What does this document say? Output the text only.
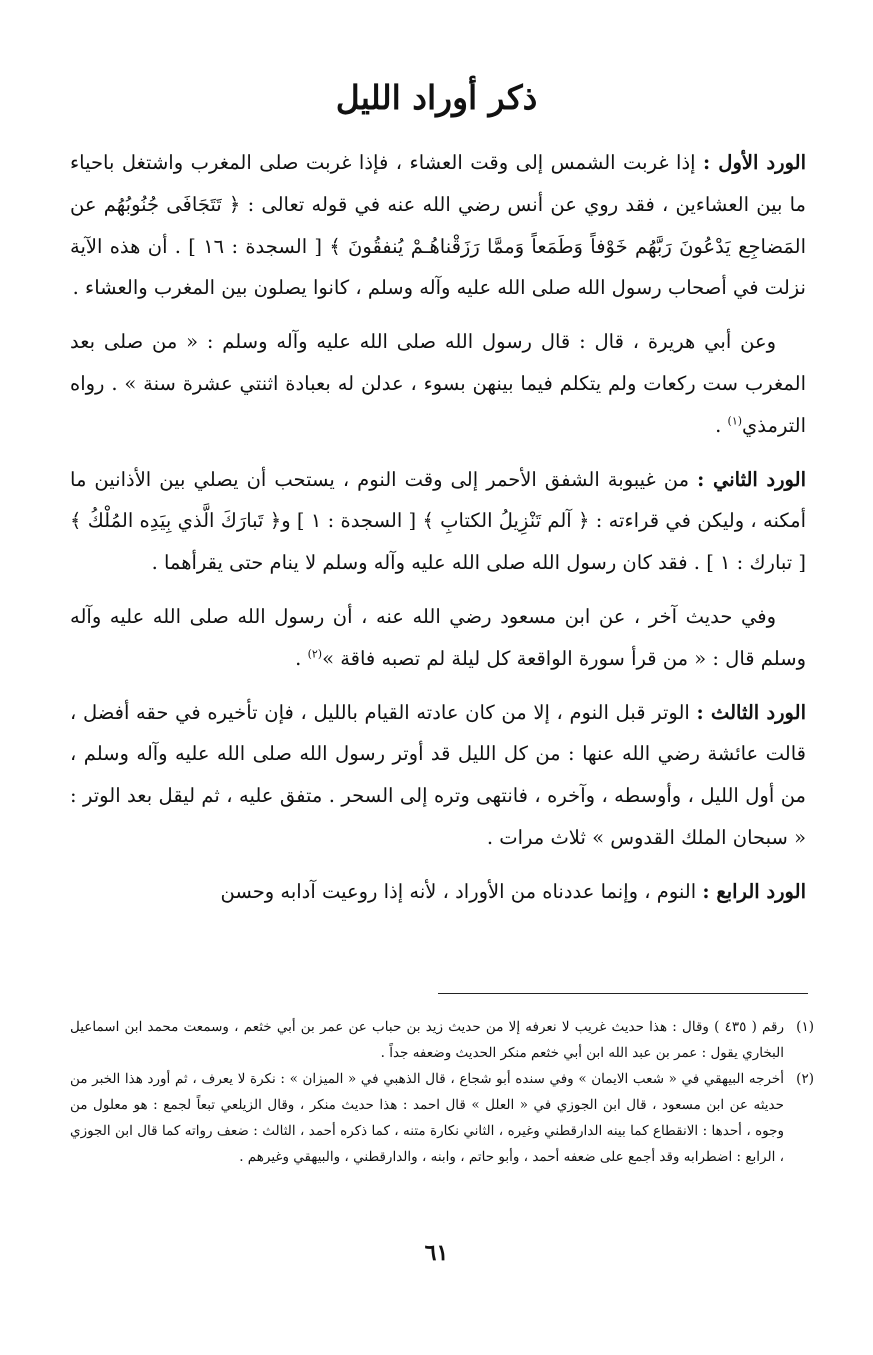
ذكر أوراد الليل

الورد الأول : إذا غربت الشمس إلى وقت العشاء ، فإذا غربت صلى المغرب واشتغل باحياء ما بين العشاءين ، فقد روي عن أنس رضي الله عنه في قوله تعالى : ﴿ تَتَجَافَى جُنُوبُهُم عن المَضاجِع يَدْعُونَ رَبَّهُم خَوْفاً وَطَمَعاً وَممَّا رَزَقْناهُـمْ يُنفقُونَ ﴾ [ السجدة : ١٦ ] . أن هذه الآية نزلت في أصحاب رسول الله صلى الله عليه وآله وسلم ، كانوا يصلون بين المغرب والعشاء .

وعن أبي هريرة ، قال : قال رسول الله صلى الله عليه وآله وسلم : « من صلى بعد المغرب ست ركعات ولم يتكلم فيما بينهن بسوء ، عدلن له بعبادة اثنتي عشرة سنة » . رواه الترمذي$^{(١)}$ .

الورد الثاني : من غيبوبة الشفق الأحمر إلى وقت النوم ، يستحب أن يصلي بين الأذانين ما أمكنه ، وليكن في قراءته : ﴿ آلم تَنْزِيلُ الكتابِ ﴾ [ السجدة : ١ ] و﴿ تَبارَكَ الَّذي بِيَدِه المُلْكُ ﴾ [ تبارك : ١ ] . فقد كان رسول الله صلى الله عليه وآله وسلم لا ينام حتى يقرأهما .

وفي حديث آخر ، عن ابن مسعود رضي الله عنه ، أن رسول الله صلى الله عليه وآله وسلم قال : « من قرأ سورة الواقعة كل ليلة لم تصبه فاقة »$^{(٢)}$ .

الورد الثالث : الوتر قبل النوم ، إلا من كان عادته القيام بالليل ، فإن تأخيره في حقه أفضل ، قالت عائشة رضي الله عنها : من كل الليل قد أوتر رسول الله صلى الله عليه وآله وسلم ، من أول الليل ، وأوسطه ، وآخره ، فانتهى وتره إلى السحر . متفق عليه ، ثم ليقل بعد الوتر : « سبحان الملك القدوس » ثلاث مرات .

الورد الرابع : النوم ، وإنما عددناه من الأوراد ، لأنه إذا روعيت آدابه وحسن

(١)
رقم ( ٤٣٥ ) وقال : هذا حديث غريب لا نعرفه إلا من حديث زيد بن حباب عن عمر بن أبي خثعم ، وسمعت محمد ابن اسماعيل البخاري يقول : عمر بن عبد الله ابن أبي خثعم منكر الحديث وضعفه جداً .

(٢)
أخرجه البيهقي في « شعب الايمان » وفي سنده أبو شجاع ، قال الذهبي في « الميزان » : نكرة لا يعرف ، ثم أورد هذا الخبر من حديثه عن ابن مسعود ، قال ابن الجوزي في « العلل » قال احمد : هذا حديث منكر ، وقال الزيلعي تبعاً لجمع : هو معلول من وجوه ، أحدها : الانقطاع كما بينه الدارقطني وغيره ، الثاني نكارة متنه ، كما ذكره أحمد ، الثالث : ضعف رواته كما قال ابن الجوزي ، الرابع : اضطرابه وقد أجمع على ضعفه أحمد ، وأبو حاتم ، وابنه ، والدارقطني ، والبيهقي وغيرهم .

٦١
